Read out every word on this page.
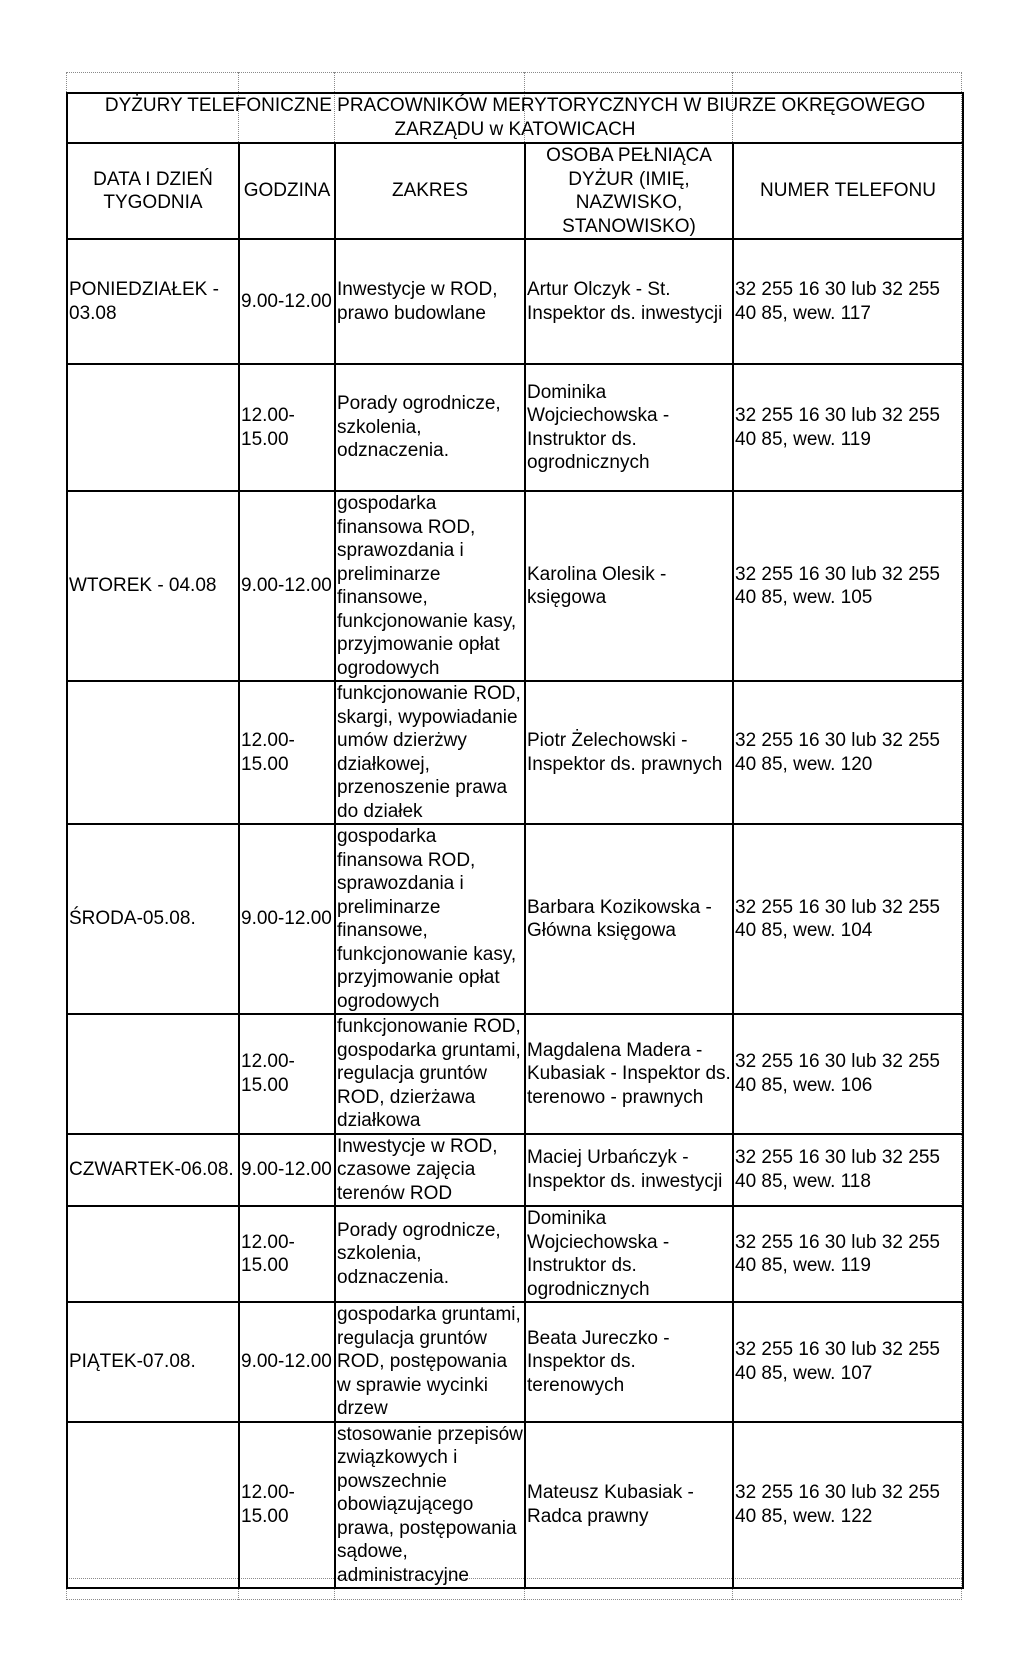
DYŻURY TELEFONICZNE PRACOWNIKÓW MERYTORYCZNYCH W BIURZE OKRĘGOWEGO ZARZĄDU w KATOWICACH				
DATA I DZIEŃ TYGODNIA	GODZINA	ZAKRES	OSOBA PEŁNIĄCA DYŻUR (IMIĘ, NAZWISKO, STANOWISKO)	NUMER TELEFONU
PONIEDZIAŁEK - 03.08	9.00-12.00	Inwestycje w ROD, prawo budowlane	Artur Olczyk - St. Inspektor ds. inwestycji	32 255 16 30 lub 32 255 40 85, wew. 117
	12.00-15.00	Porady ogrodnicze, szkolenia, odznaczenia.	Dominika Wojciechowska - Instruktor ds. ogrodnicznych	32 255 16 30 lub 32 255 40 85, wew. 119
WTOREK - 04.08	9.00-12.00	gospodarka finansowa ROD, sprawozdania i preliminarze finansowe, funkcjonowanie kasy, przyjmowanie opłat ogrodowych	Karolina Olesik - księgowa	32 255 16 30 lub 32 255 40 85, wew. 105
	12.00-15.00	funkcjonowanie ROD, skargi, wypowiadanie umów dzierżwy działkowej, przenoszenie prawa do działek	Piotr Żelechowski - Inspektor ds. prawnych	32 255 16 30 lub 32 255 40 85, wew. 120
ŚRODA-05.08.	9.00-12.00	gospodarka finansowa ROD, sprawozdania i preliminarze finansowe, funkcjonowanie kasy, przyjmowanie opłat ogrodowych	Barbara Kozikowska - Główna księgowa	32 255 16 30 lub 32 255 40 85, wew. 104
	12.00-15.00	funkcjonowanie ROD, gospodarka gruntami, regulacja gruntów ROD, dzierżawa działkowa	Magdalena Madera - Kubasiak - Inspektor ds. terenowo - prawnych	32 255 16 30 lub 32 255 40 85, wew. 106
CZWARTEK-06.08.	9.00-12.00	Inwestycje w ROD, czasowe zajęcia terenów ROD	Maciej Urbańczyk - Inspektor ds. inwestycji	32 255 16 30 lub 32 255 40 85, wew. 118
	12.00-15.00	Porady ogrodnicze, szkolenia, odznaczenia.	Dominika Wojciechowska - Instruktor ds. ogrodnicznych	32 255 16 30 lub 32 255 40 85, wew. 119
PIĄTEK-07.08.	9.00-12.00	gospodarka gruntami, regulacja gruntów ROD, postępowania w sprawie wycinki drzew	Beata Jureczko - Inspektor ds. terenowych	32 255 16 30 lub 32 255 40 85, wew. 107
	12.00-15.00	stosowanie przepisów związkowych i powszechnie obowiązującego prawa, postępowania sądowe, administracyjne	Mateusz Kubasiak - Radca prawny	32 255 16 30 lub 32 255 40 85, wew. 122
